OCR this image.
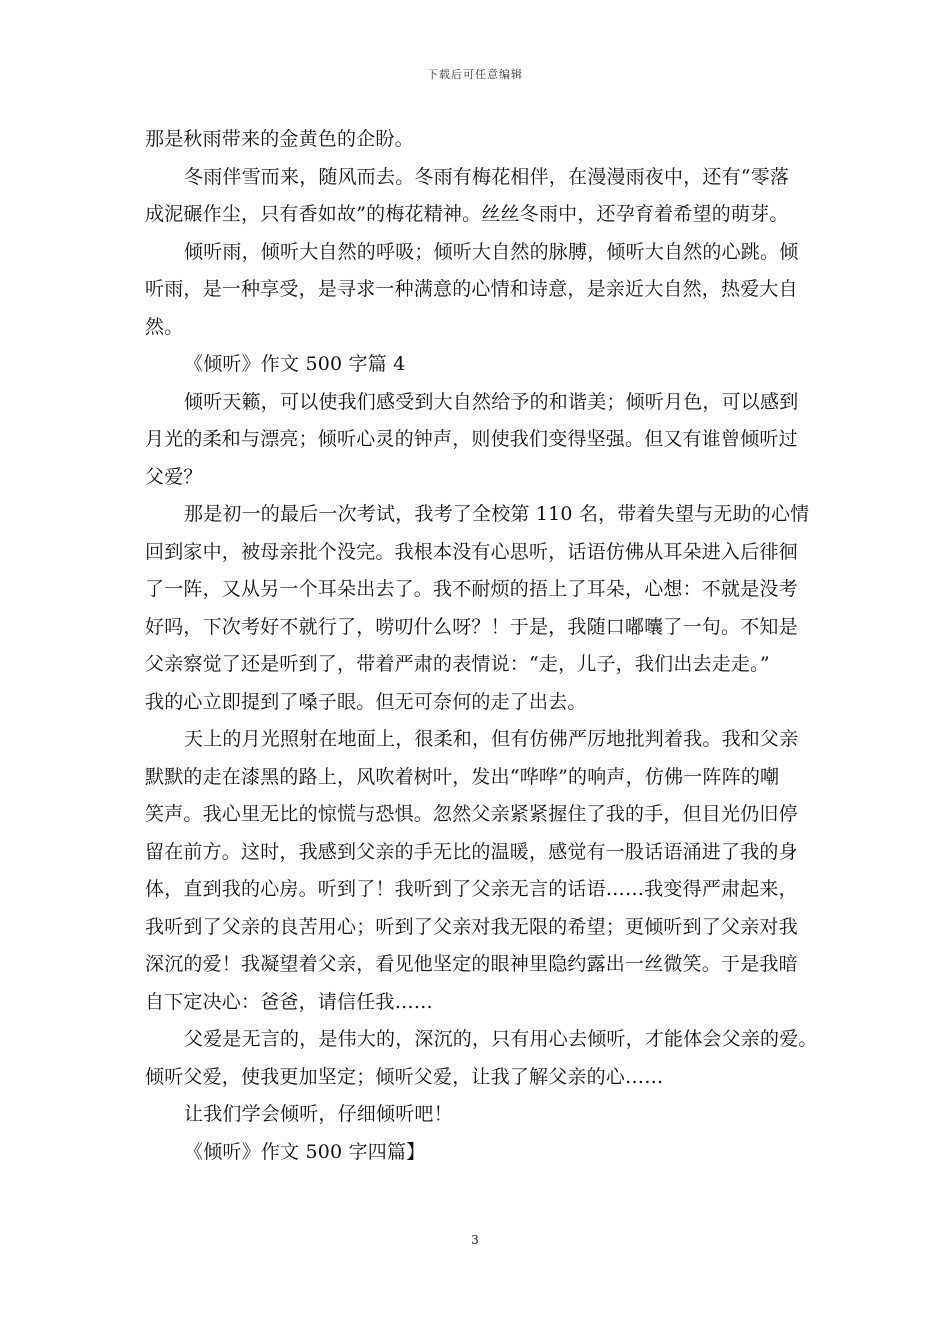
下载后可任意编辑
那是秋雨带来的金黄色的企盼。
冬雨伴雪而来，随风而去。冬雨有梅花相伴，在漫漫雨夜中，还有“零落
成泥碾作尘，只有香如故”的梅花精神。丝丝冬雨中，还孕育着希望的萌芽。
倾听雨，倾听大自然的呼吸；倾听大自然的脉膊，倾听大自然的心跳。倾
听雨，是一种享受，是寻求一种满意的心情和诗意，是亲近大自然，热爱大自
然。
《倾听》作文 500 字篇 4
倾听天籁，可以使我们感受到大自然给予的和谐美；倾听月色，可以感到
月光的柔和与漂亮；倾听心灵的钟声，则使我们变得坚强。但又有谁曾倾听过
父爱？
那是初一的最后一次考试，我考了全校第 110 名，带着失望与无助的心情
回到家中，被母亲批个没完。我根本没有心思听，话语仿佛从耳朵进入后徘徊
了一阵，又从另一个耳朵出去了。我不耐烦的捂上了耳朵，心想：不就是没考
好吗，下次考好不就行了，唠叨什么呀？！于是，我随口嘟囔了一句。不知是
父亲察觉了还是听到了，带着严肃的表情说：“走，儿子，我们出去走走。”
我的心立即提到了嗓子眼。但无可奈何的走了出去。
天上的月光照射在地面上，很柔和，但有仿佛严厉地批判着我。我和父亲
默默的走在漆黑的路上，风吹着树叶，发出“哗哗”的响声，仿佛一阵阵的嘲
笑声。我心里无比的惊慌与恐惧。忽然父亲紧紧握住了我的手，但目光仍旧停
留在前方。这时，我感到父亲的手无比的温暖，感觉有一股话语涌进了我的身
体，直到我的心房。听到了！我听到了父亲无言的话语……我变得严肃起来，
我听到了父亲的良苦用心；听到了父亲对我无限的希望；更倾听到了父亲对我
深沉的爱！我凝望着父亲，看见他坚定的眼神里隐约露出一丝微笑。于是我暗
自下定决心：爸爸，请信任我……
父爱是无言的，是伟大的，深沉的，只有用心去倾听，才能体会父亲的爱。
倾听父爱，使我更加坚定；倾听父爱，让我了解父亲的心……
让我们学会倾听，仔细倾听吧！
《倾听》作文 500 字四篇】
3
